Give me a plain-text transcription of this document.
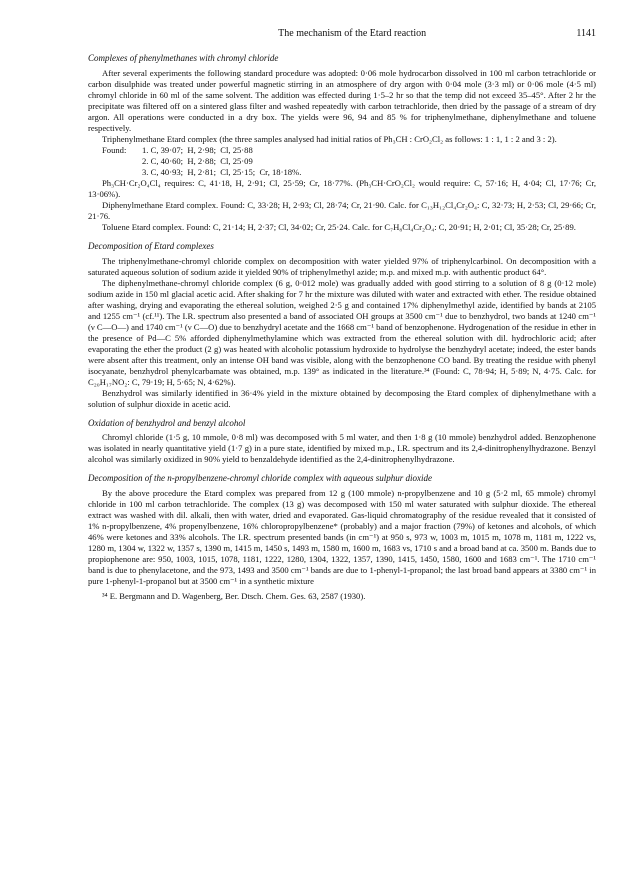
The mechanism of the Etard reaction	1141
Complexes of phenylmethanes with chromyl chloride

After several experiments the following standard procedure was adopted: 0·06 mole hydrocarbon dissolved in 100 ml carbon tetrachloride or carbon disulphide was treated under powerful magnetic stirring in an atmosphere of dry argon with 0·04 mole (3·3 ml) or 0·06 mole (4·5 ml) chromyl chloride in 60 ml of the same solvent. The addition was effected during 1·5–2 hr so that the temp did not exceed 35–45°. After 2 hr the precipitate was filtered off on a sintered glass filter and washed repeatedly with carbon tetrachloride, then dried by the passage of a stream of dry argon. All operations were conducted in a dry box. The yields were 96, 94 and 85 % for triphenylmethane, diphenylmethane and toluene respectively.

Triphenylmethane Etard complex (the three samples analysed had initial ratios of Ph₃CH : CrO₂Cl₂ as follows: 1 : 1, 1 : 2 and 3 : 2).

Found:	1. C, 39·07;  H, 2·98;  Cl, 25·88
2. C, 40·60;  H, 2·88;  Cl, 25·09
3. C, 40·93;  H, 2·81;  Cl, 25·15;  Cr, 18·18%.

Ph₃CH·Cr₂O₄Cl₄ requires: C, 41·18, H, 2·91; Cl, 25·59; Cr, 18·77%. (Ph₃CH·CrO₂Cl₂ would require: C, 57·16; H, 4·04; Cl, 17·76; Cr, 13·06%).

Diphenylmethane Etard complex. Found: C, 33·28; H, 2·93; Cl, 28·74; Cr, 21·90. Calc. for C₁₃H₁₂Cl₄Cr₂O₄: C, 32·73; H, 2·53; Cl, 29·66; Cr, 21·76.

Toluene Etard complex. Found: C, 21·14; H, 2·37; Cl, 34·02; Cr, 25·24. Calc. for C₇H₈Cl₄Cr₂O₄: C, 20·91; H, 2·01; Cl, 35·28; Cr, 25·89.

Decomposition of Etard complexes

The triphenylmethane-chromyl chloride complex on decomposition with water yielded 97% of triphenylcarbinol. On decomposition with a saturated aqueous solution of sodium azide it yielded 90% of triphenylmethyl azide; m.p. and mixed m.p. with authentic product 64°.

The diphenylmethane-chromyl chloride complex (6 g, 0·012 mole) was gradually added with good stirring to a solution of 8 g (0·12 mole) sodium azide in 150 ml glacial acetic acid. After shaking for 7 hr the mixture was diluted with water and extracted with ether. The residue obtained after washing, drying and evaporating the ethereal solution, weighed 2·5 g and contained 17% diphenylmethyl azide, identified by bands at 2105 and 1255 cm⁻¹ (cf.¹¹). The I.R. spectrum also presented a band of associated OH groups at 3500 cm⁻¹ due to benzhydrol, two bands at 1240 cm⁻¹ (ν C—O—) and 1740 cm⁻¹ (ν C—O) due to benzhydryl acetate and the 1668 cm⁻¹ band of benzophenone. Hydrogenation of the residue in ether in the presence of Pd—C 5% afforded diphenylmethylamine which was extracted from the ethereal solution with dil. hydrochloric acid; after evaporating the ether the product (2 g) was heated with alcoholic potassium hydroxide to hydrolyse the benzhydryl acetate; indeed, the ester bands were absent after this treatment, only an intense OH band was visible, along with the benzophenone CO band. By treating the residue with phenyl isocyanate, benzhydrol phenylcarbamate was obtained, m.p. 139° as indicated in the literature.³⁴ (Found: C, 78·94; H, 5·89; N, 4·75. Calc. for C₂₀H₁₇NO₂: C, 79·19; H, 5·65; N, 4·62%).

Benzhydrol was similarly identified in 36·4% yield in the mixture obtained by decomposing the Etard complex of diphenylmethane with a solution of sulphur dioxide in acetic acid.

Oxidation of benzhydrol and benzyl alcohol

Chromyl chloride (1·5 g, 10 mmole, 0·8 ml) was decomposed with 5 ml water, and then 1·8 g (10 mmole) benzhydrol added. Benzophenone was isolated in nearly quantitative yield (1·7 g) in a pure state, identified by mixed m.p., I.R. spectrum and its 2,4-dinitrophenylhydrazone. Benzyl alcohol was similarly oxidized in 90% yield to benzaldehyde identified as the 2,4-dinitrophenylhydrazone.

Decomposition of the n-propylbenzene-chromyl chloride complex with aqueous sulphur dioxide

By the above procedure the Etard complex was prepared from 12 g (100 mmole) n-propylbenzene and 10 g (5·2 ml, 65 mmole) chromyl chloride in 100 ml carbon tetrachloride. The complex (13 g) was decomposed with 150 ml water saturated with sulphur dioxide. The ethereal extract was washed with dil. alkali, then with water, dried and evaporated. Gas-liquid chromatography of the residue revealed that it consisted of 1% n-propylbenzene, 4% propenylbenzene, 16% chloropropylbenzene* (probably) and a major fraction (79%) of ketones and alcohols, of which 46% were ketones and 33% alcohols. The I.R. spectrum presented bands (in cm⁻¹) at 950 s, 973 w, 1003 m, 1015 m, 1078 m, 1181 m, 1222 vs, 1280 m, 1304 w, 1322 w, 1357 s, 1390 m, 1415 m, 1450 s, 1493 m, 1580 m, 1600 m, 1683 vs, 1710 s and a broad band at ca. 3500 m. Bands due to propiophenone are: 950, 1003, 1015, 1078, 1181, 1222, 1280, 1304, 1322, 1357, 1390, 1415, 1450, 1580, 1600 and 1683 cm⁻¹. The 1710 cm⁻¹ band is due to phenylacetone, and the 973, 1493 and 3500 cm⁻¹ bands are due to 1-phenyl-1-propanol; the last broad band appears at 3380 cm⁻¹ in pure 1-phenyl-1-propanol but at 3500 cm⁻¹ in a synthetic mixture

³⁴ E. Bergmann and D. Wagenberg, Ber. Dtsch. Chem. Ges. 63, 2587 (1930).
